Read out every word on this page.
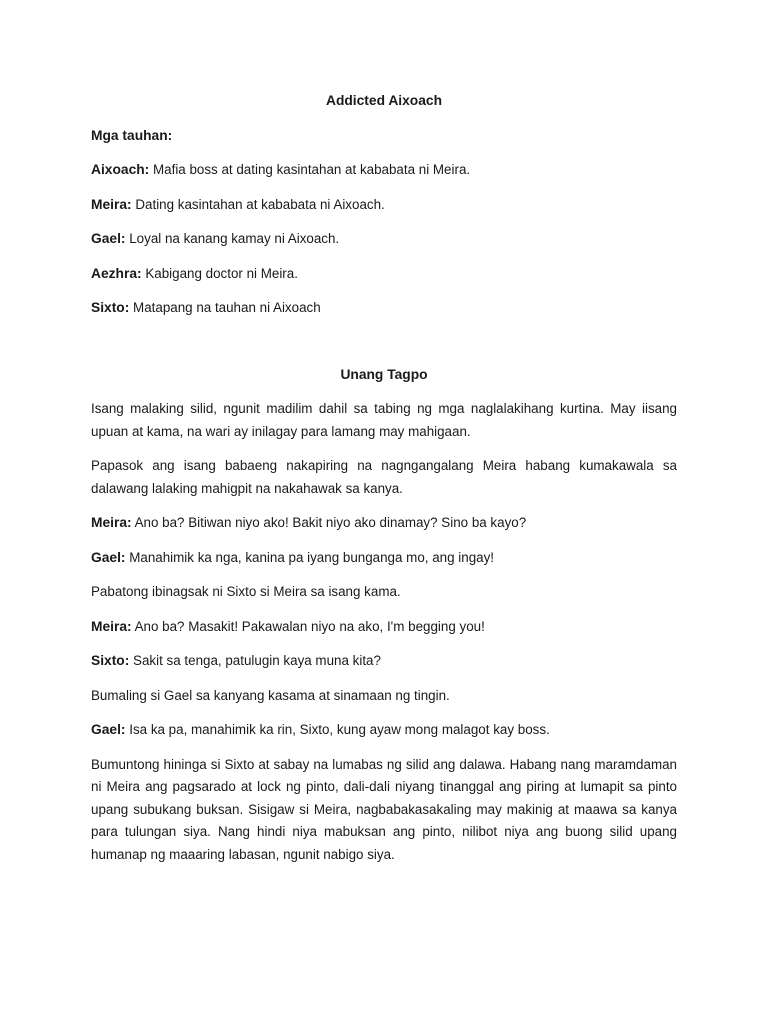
Addicted Aixoach
Mga tauhan:
Aixoach: Mafia boss at dating kasintahan at kababata ni Meira.
Meira: Dating kasintahan at kababata ni Aixoach.
Gael: Loyal na kanang kamay ni Aixoach.
Aezhra: Kabigang doctor ni Meira.
Sixto: Matapang na tauhan ni Aixoach
Unang Tagpo
Isang malaking silid, ngunit madilim dahil sa tabing ng mga naglalakihang kurtina. May iisang upuan at kama, na wari ay inilagay para lamang may mahigaan.
Papasok ang isang babaeng nakapiring na nagngangalang Meira habang kumakawala sa dalawang lalaking mahigpit na nakahawak sa kanya.
Meira: Ano ba? Bitiwan niyo ako! Bakit niyo ako dinamay? Sino ba kayo?
Gael: Manahimik ka nga, kanina pa iyang bunganga mo, ang ingay!
Pabatong ibinagsak ni Sixto si Meira sa isang kama.
Meira: Ano ba? Masakit! Pakawalan niyo na ako, I'm begging you!
Sixto: Sakit sa tenga, patulugin kaya muna kita?
Bumaling si Gael sa kanyang kasama at sinamaan ng tingin.
Gael: Isa ka pa, manahimik ka rin, Sixto, kung ayaw mong malagot kay boss.
Bumuntong hininga si Sixto at sabay na lumabas ng silid ang dalawa. Habang nang maramdaman ni Meira ang pagsarado at lock ng pinto, dali-dali niyang tinanggal ang piring at lumapit sa pinto upang subukang buksan. Sisigaw si Meira, nagbabakasakaling may makinig at maawa sa kanya para tulungan siya. Nang hindi niya mabuksan ang pinto, nilibot niya ang buong silid upang humanap ng maaaring labasan, ngunit nabigo siya.
